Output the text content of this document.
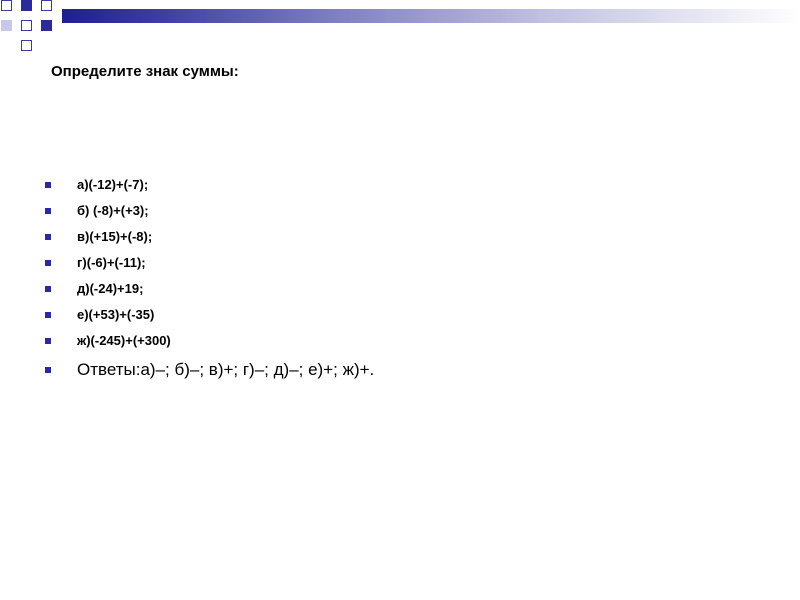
Определите знак суммы:
а)(-12)+(-7);
б) (-8)+(+3);
в)(+15)+(-8);
г)(-6)+(-11);
д)(-24)+19;
е)(+53)+(-35)
ж)(-245)+(+300)
Ответы:а)–; б)–; в)+; г)–; д)–; е)+; ж)+.
